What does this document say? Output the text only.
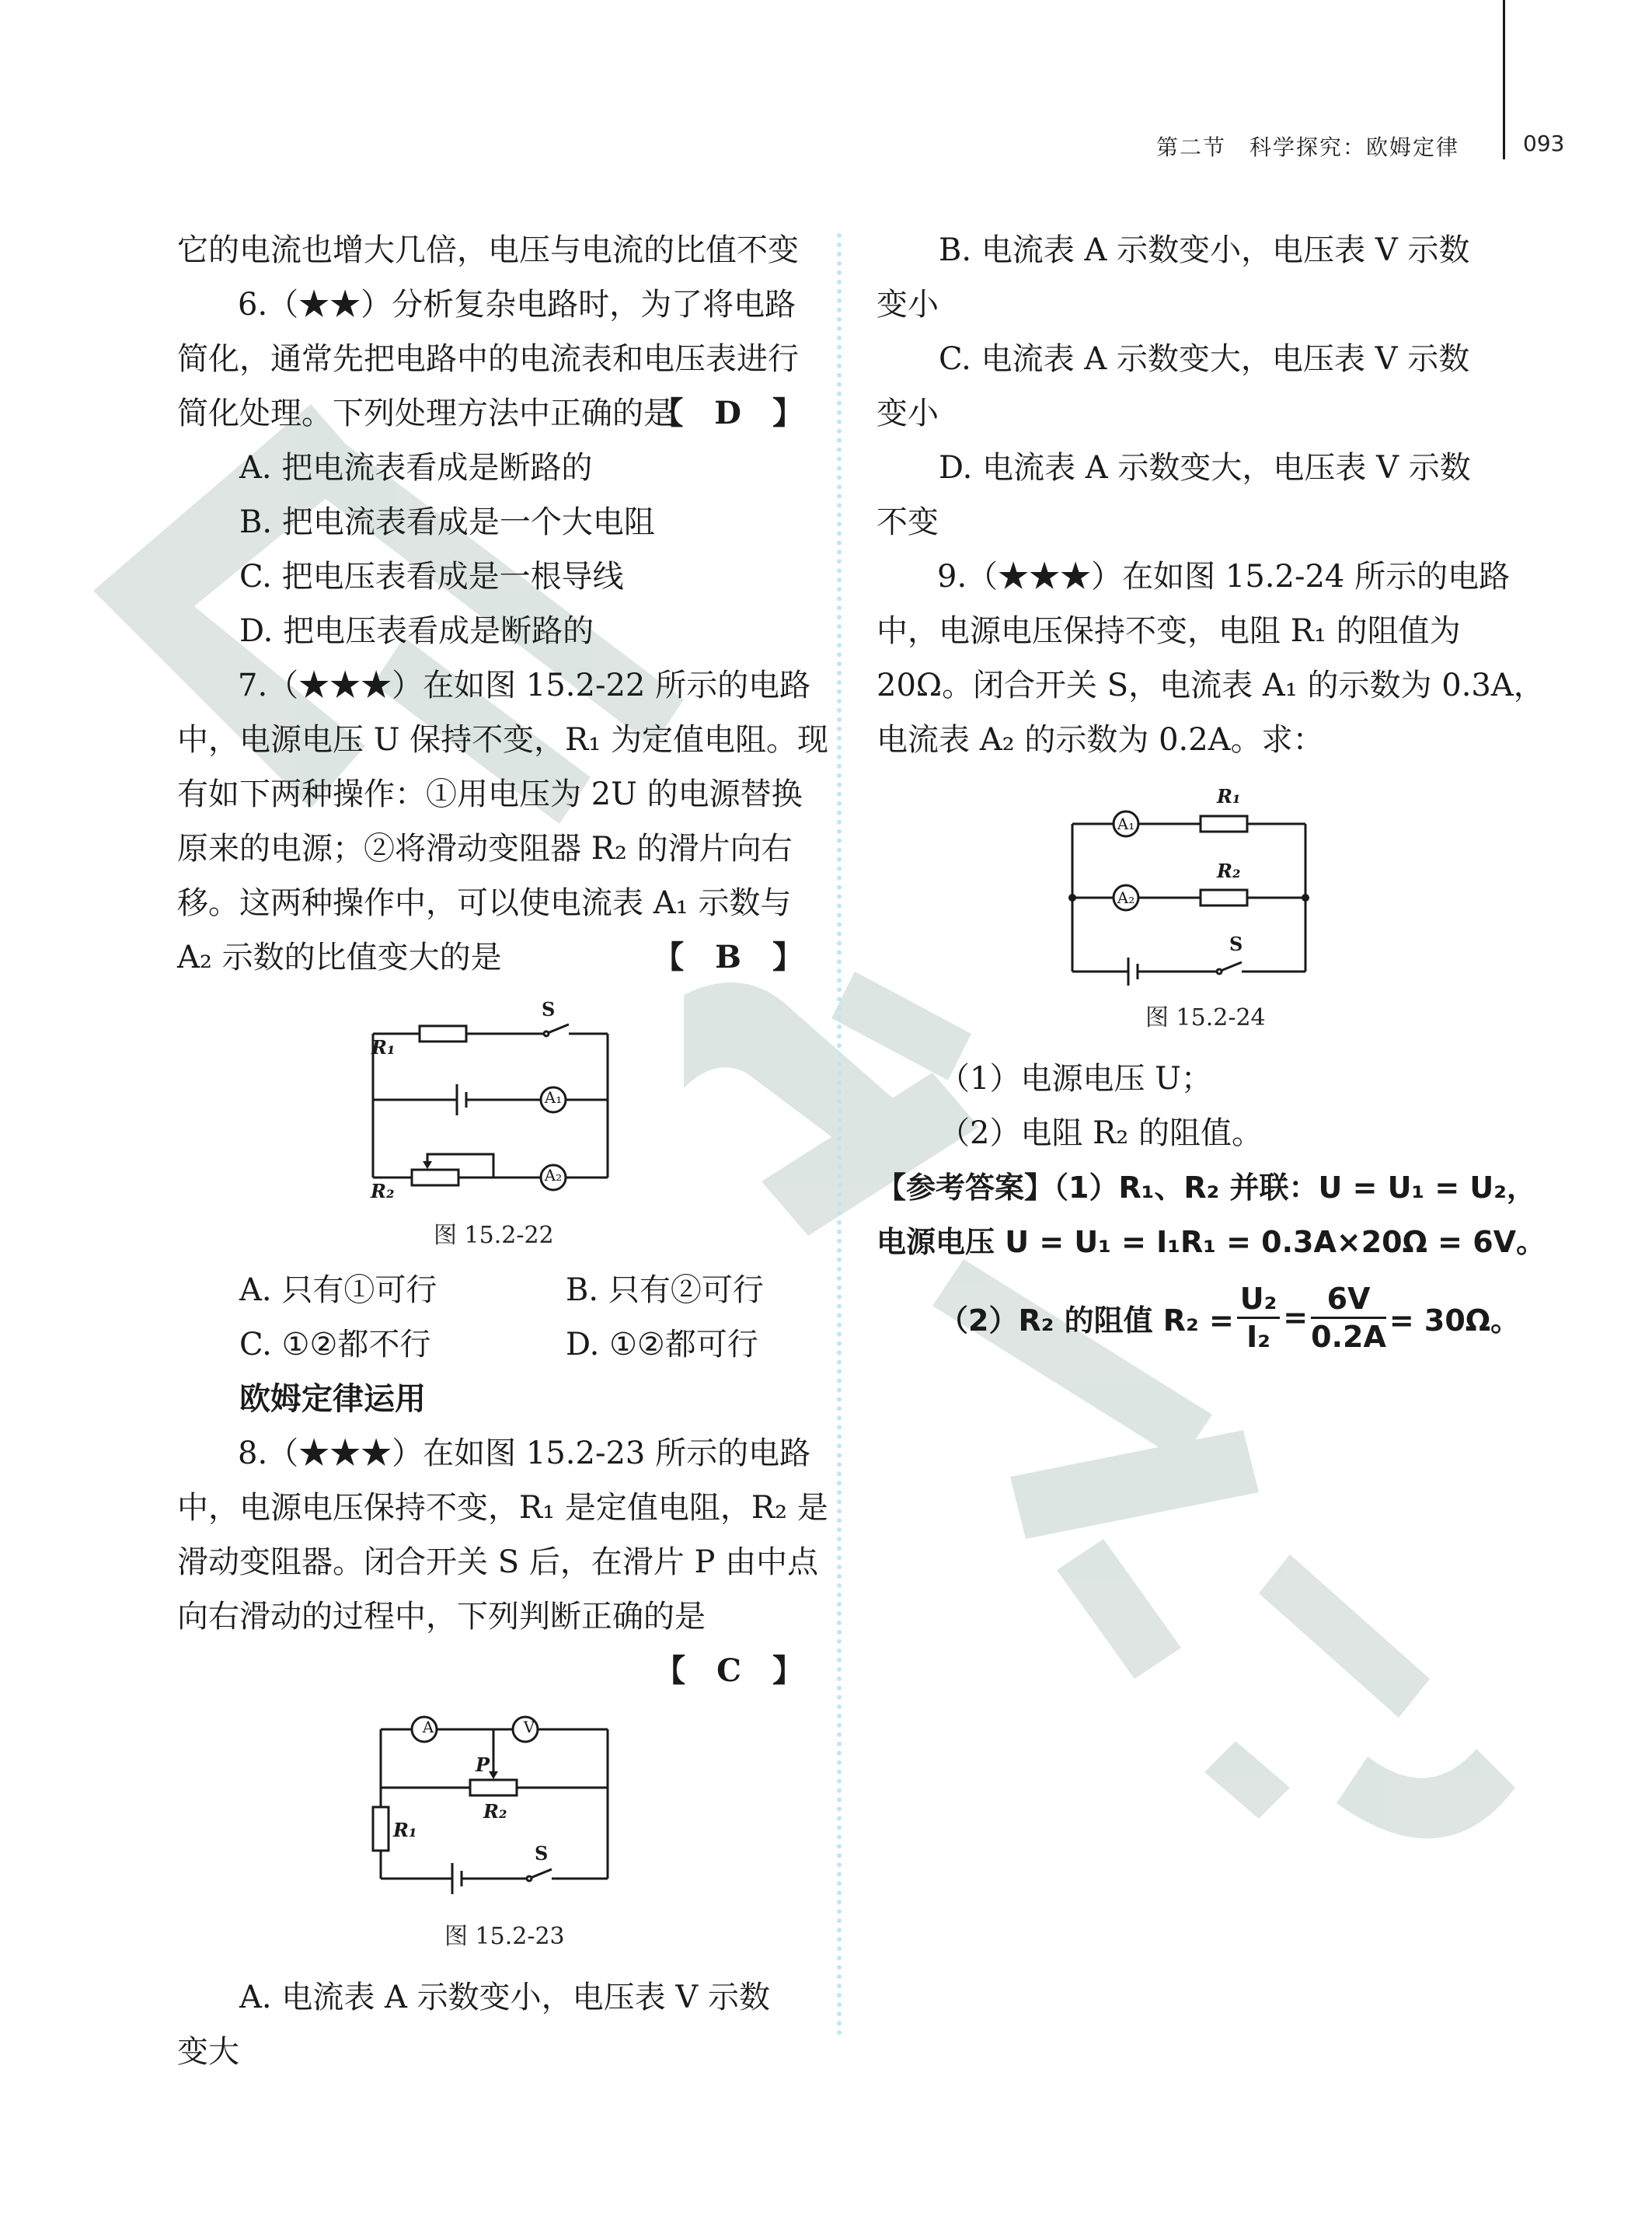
第二节　科学探究：欧姆定律	093
它的电流也增大几倍，电压与电流的比值不变
6.（★★）分析复杂电路时，为了将电路
简化，通常先把电路中的电流表和电压表进行
简化处理。下列处理方法中正确的是
【　D　】
A. 把电流表看成是断路的
B. 把电流表看成是一个大电阻
C. 把电压表看成是一根导线
D. 把电压表看成是断路的
7.（★★★）在如图 15.2-22 所示的电路
中，电源电压 U 保持不变，R₁ 为定值电阻。现
有如下两种操作：①用电压为 2U 的电源替换
原来的电源；②将滑动变阻器 R₂ 的滑片向右
移。这两种操作中，可以使电流表 A₁ 示数与
A₂ 示数的比值变大的是	【　B　】
R₁
R₂
S
A₁
A₂
图 15.2-22
A. 只有①可行	B. 只有②可行
C. ①②都不行	D. ①②都可行
欧姆定律运用
8.（★★★）在如图 15.2-23 所示的电路
中，电源电压保持不变，R₁ 是定值电阻，R₂ 是
滑动变阻器。闭合开关 S 后，在滑片 P 由中点
向右滑动的过程中，下列判断正确的是
【　C　】
A	V
P
R₂
R₁
S
图 15.2-23
A. 电流表 A 示数变小，电压表 V 示数
变大
B. 电流表 A 示数变小，电压表 V 示数
变小
C. 电流表 A 示数变大，电压表 V 示数
变小
D. 电流表 A 示数变大，电压表 V 示数
不变
9.（★★★）在如图 15.2-24 所示的电路
中，电源电压保持不变，电阻 R₁ 的阻值为
20Ω。闭合开关 S，电流表 A₁ 的示数为 0.3A，
电流表 A₂ 的示数为 0.2A。求：
A₁
A₂
R₁
R₂
S
图 15.2-24
（1）电源电压 U；
（2）电阻 R₂ 的阻值。
【参考答案】（1）R₁、R₂ 并联：U = U₁ = U₂，
电源电压 U = U₁ = I₁R₁ = 0.3A×20Ω = 6V。
（2）R₂ 的阻值 $R_2 = \frac{\text{U₂}}{\text{I₂}} = \frac{6V}{0.2A} = 30\Omega$。
